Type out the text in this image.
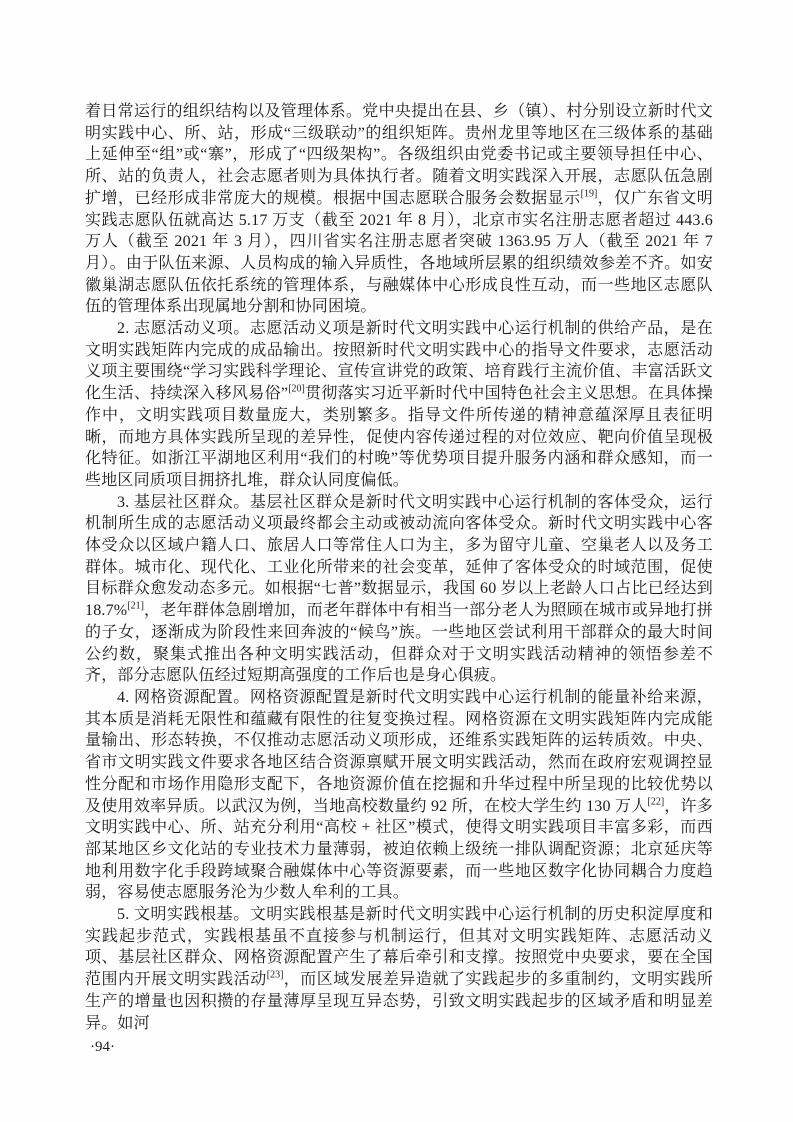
着日常运行的组织结构以及管理体系。党中央提出在县、乡（镇）、村分别设立新时代文明实践中心、所、站，形成“三级联动”的组织矩阵。贵州龙里等地区在三级体系的基础上延伸至“组”或“寨”，形成了“四级架构”。各级组织由党委书记或主要领导担任中心、所、站的负责人，社会志愿者则为具体执行者。随着文明实践深入开展，志愿队伍急剧扩增，已经形成非常庞大的规模。根据中国志愿联合服务会数据显示[19]，仅广东省文明实践志愿队伍就高达 5.17 万支（截至 2021 年 8 月），北京市实名注册志愿者超过 443.6 万人（截至 2021 年 3 月），四川省实名注册志愿者突破 1363.95 万人（截至 2021 年 7 月）。由于队伍来源、人员构成的输入异质性，各地域所层累的组织绩效参差不齐。如安徽巢湖志愿队伍依托系统的管理体系，与融媒体中心形成良性互动，而一些地区志愿队伍的管理体系出现属地分割和协同困境。

2. 志愿活动义项。志愿活动义项是新时代文明实践中心运行机制的供给产品，是在文明实践矩阵内完成的成品输出。按照新时代文明实践中心的指导文件要求，志愿活动义项主要围绕“学习实践科学理论、宣传宣讲党的政策、培育践行主流价值、丰富活跃文化生活、持续深入移风易俗”[20]贯彻落实习近平新时代中国特色社会主义思想。在具体操作中，文明实践项目数量庞大，类别繁多。指导文件所传递的精神意蕴深厚且表征明晰，而地方具体实践所呈现的差异性，促使内容传递过程的对位效应、靶向价值呈现极化特征。如浙江平湖地区利用“我们的村晚”等优势项目提升服务内涵和群众感知，而一些地区同质项目拥挤扎堆，群众认同度偏低。

3. 基层社区群众。基层社区群众是新时代文明实践中心运行机制的客体受众，运行机制所生成的志愿活动义项最终都会主动或被动流向客体受众。新时代文明实践中心客体受众以区域户籍人口、旅居人口等常住人口为主，多为留守儿童、空巢老人以及务工群体。城市化、现代化、工业化所带来的社会变革，延伸了客体受众的时域范围，促使目标群众愈发动态多元。如根据“七普”数据显示，我国 60 岁以上老龄人口占比已经达到 18.7%[21]，老年群体急剧增加，而老年群体中有相当一部分老人为照顾在城市或异地打拼的子女，逐渐成为阶段性来回奔波的“候鸟”族。一些地区尝试利用干部群众的最大时间公约数，聚集式推出各种文明实践活动，但群众对于文明实践活动精神的领悟参差不齐，部分志愿队伍经过短期高强度的工作后也是身心俱疲。

4. 网格资源配置。网格资源配置是新时代文明实践中心运行机制的能量补给来源，其本质是消耗无限性和蕴藏有限性的往复变换过程。网格资源在文明实践矩阵内完成能量输出、形态转换，不仅推动志愿活动义项形成，还维系实践矩阵的运转质效。中央、省市文明实践文件要求各地区结合资源禀赋开展文明实践活动，然而在政府宏观调控显性分配和市场作用隐形支配下，各地资源价值在挖掘和升华过程中所呈现的比较优势以及使用效率异质。以武汉为例，当地高校数量约 92 所，在校大学生约 130 万人[22]，许多文明实践中心、所、站充分利用“高校 + 社区”模式，使得文明实践项目丰富多彩，而西部某地区乡文化站的专业技术力量薄弱，被迫依赖上级统一排队调配资源；北京延庆等地利用数字化手段跨域聚合融媒体中心等资源要素，而一些地区数字化协同耦合力度趋弱，容易使志愿服务沦为少数人牟利的工具。

5. 文明实践根基。文明实践根基是新时代文明实践中心运行机制的历史积淀厚度和实践起步范式，实践根基虽不直接参与机制运行，但其对文明实践矩阵、志愿活动义项、基层社区群众、网格资源配置产生了幕后牵引和支撑。按照党中央要求，要在全国范围内开展文明实践活动[23]，而区域发展差异造就了实践起步的多重制约，文明实践所生产的增量也因积攒的存量薄厚呈现互异态势，引致文明实践起步的区域矛盾和明显差异。如河

·94·
